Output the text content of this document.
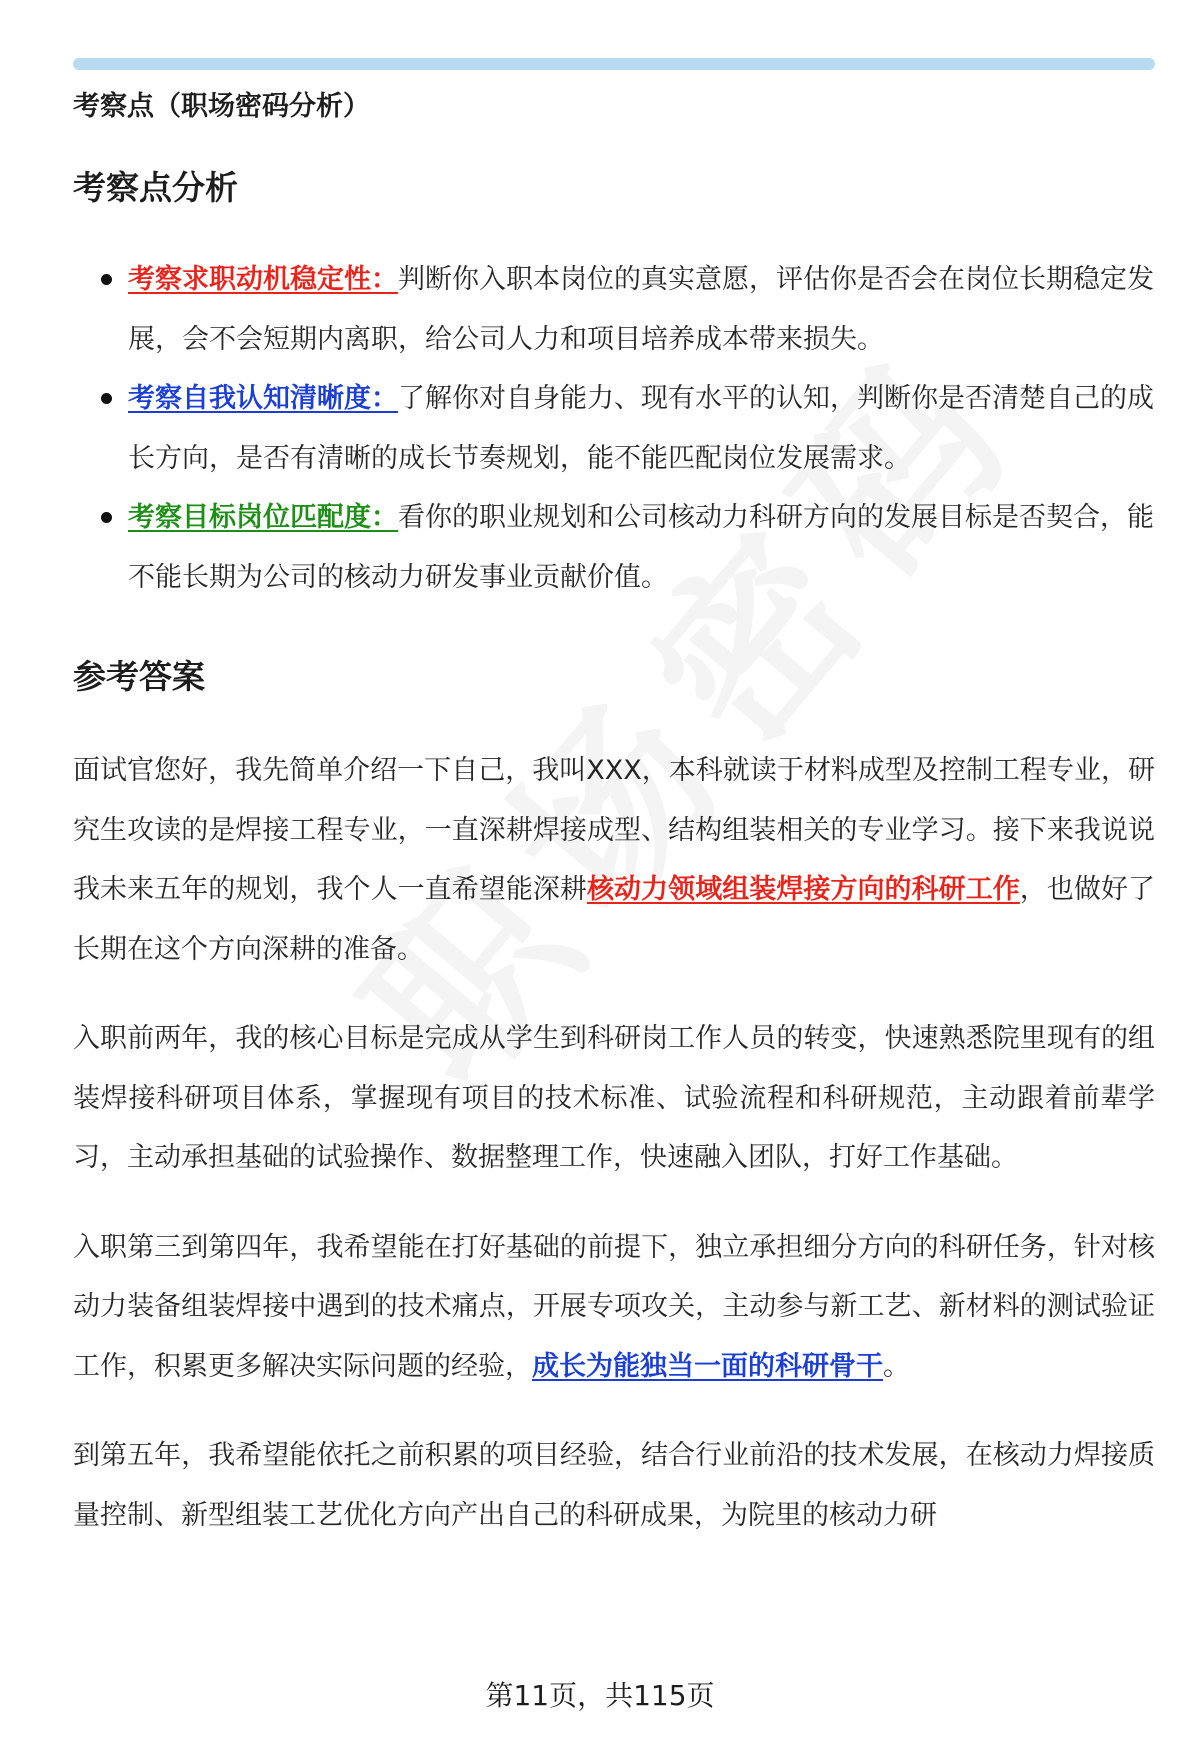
考察点（职场密码分析）
考察点分析
考察求职动机稳定性：判断你入职本岗位的真实意愿，评估你是否会在岗位长期稳定发展，会不会短期内离职，给公司人力和项目培养成本带来损失。
考察自我认知清晰度：了解你对自身能力、现有水平的认知，判断你是否清楚自己的成长方向，是否有清晰的成长节奏规划，能不能匹配岗位发展需求。
考察目标岗位匹配度：看你的职业规划和公司核动力科研方向的发展目标是否契合，能不能长期为公司的核动力研发事业贡献价值。
参考答案

面试官您好，我先简单介绍一下自己，我叫XXX，本科就读于材料成型及控制工程专业，研究生攻读的是焊接工程专业，一直深耕焊接成型、结构组装相关的专业学习。接下来我说说我未来五年的规划，我个人一直希望能深耕核动力领域组装焊接方向的科研工作，也做好了长期在这个方向深耕的准备。

入职前两年，我的核心目标是完成从学生到科研岗工作人员的转变，快速熟悉院里现有的组装焊接科研项目体系，掌握现有项目的技术标准、试验流程和科研规范，主动跟着前辈学习，主动承担基础的试验操作、数据整理工作，快速融入团队，打好工作基础。

入职第三到第四年，我希望能在打好基础的前提下，独立承担细分方向的科研任务，针对核动力装备组装焊接中遇到的技术痛点，开展专项攻关，主动参与新工艺、新材料的测试验证工作，积累更多解决实际问题的经验，成长为能独当一面的科研骨干。

到第五年，我希望能依托之前积累的项目经验，结合行业前沿的技术发展，在核动力焊接质量控制、新型组装工艺优化方向产出自己的科研成果，为院里的核动力研

第11页，共115页
